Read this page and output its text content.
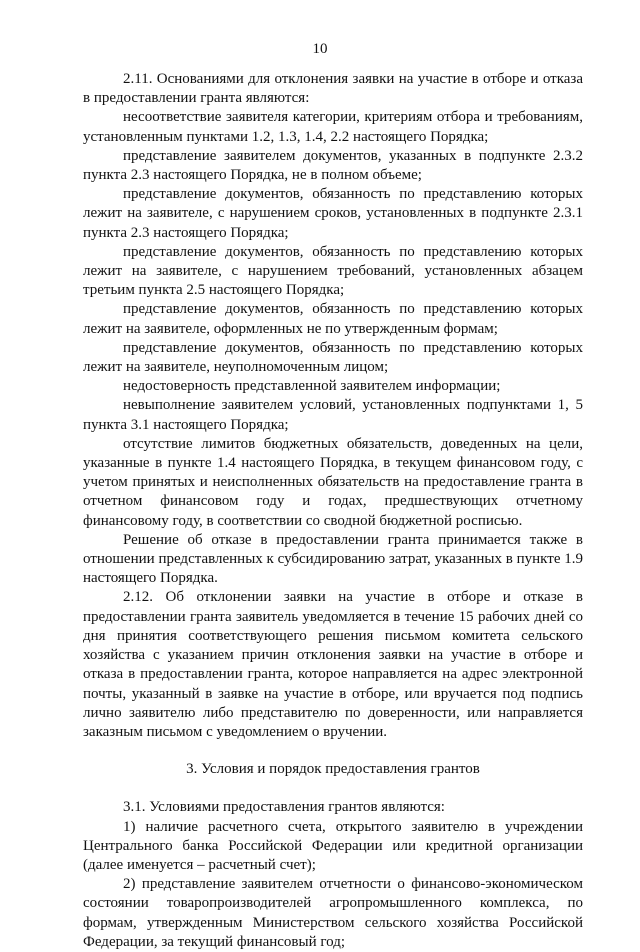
10

2.11. Основаниями для отклонения заявки на участие в отборе и отказа в предоставлении гранта являются:

несоответствие заявителя категории, критериям отбора и требованиям, установленным пунктами 1.2, 1.3, 1.4, 2.2 настоящего Порядка;

представление заявителем документов, указанных в подпункте 2.3.2 пункта 2.3 настоящего Порядка, не в полном объеме;

представление документов, обязанность по представлению которых лежит на заявителе, с нарушением сроков, установленных в подпункте 2.3.1 пункта 2.3 настоящего Порядка;

представление документов, обязанность по представлению которых лежит на заявителе, с нарушением требований, установленных абзацем третьим пункта 2.5 настоящего Порядка;

представление документов, обязанность по представлению которых лежит на заявителе, оформленных не по утвержденным формам;

представление документов, обязанность по представлению которых лежит на заявителе, неуполномоченным лицом;

недостоверность представленной заявителем информации;

невыполнение заявителем условий, установленных подпунктами 1, 5 пункта 3.1 настоящего Порядка;

отсутствие лимитов бюджетных обязательств, доведенных на цели, указанные в пункте 1.4 настоящего Порядка, в текущем финансовом году, с учетом принятых и неисполненных обязательств на предоставление гранта в отчетном финансовом году и годах, предшествующих отчетному финансовому году, в соответствии со сводной бюджетной росписью.

Решение об отказе в предоставлении гранта принимается также в отношении представленных к субсидированию затрат, указанных в пункте 1.9 настоящего Порядка.

2.12. Об отклонении заявки на участие в отборе и отказе в предоставлении гранта заявитель уведомляется в течение 15 рабочих дней со дня принятия соответствующего решения письмом комитета сельского хозяйства с указанием причин отклонения заявки на участие в отборе и отказа в предоставлении гранта, которое направляется на адрес электронной почты, указанный в заявке на участие в отборе, или вручается под подпись лично заявителю либо представителю по доверенности, или направляется заказным письмом с уведомлением о вручении.

3. Условия и порядок предоставления грантов

3.1. Условиями предоставления грантов являются:

1) наличие расчетного счета, открытого заявителю в учреждении Центрального банка Российской Федерации или кредитной организации (далее именуется – расчетный счет);

2) представление заявителем отчетности о финансово-экономическом состоянии товаропроизводителей агропромышленного комплекса, по формам, утвержденным Министерством сельского хозяйства Российской Федерации, за текущий финансовый год;
